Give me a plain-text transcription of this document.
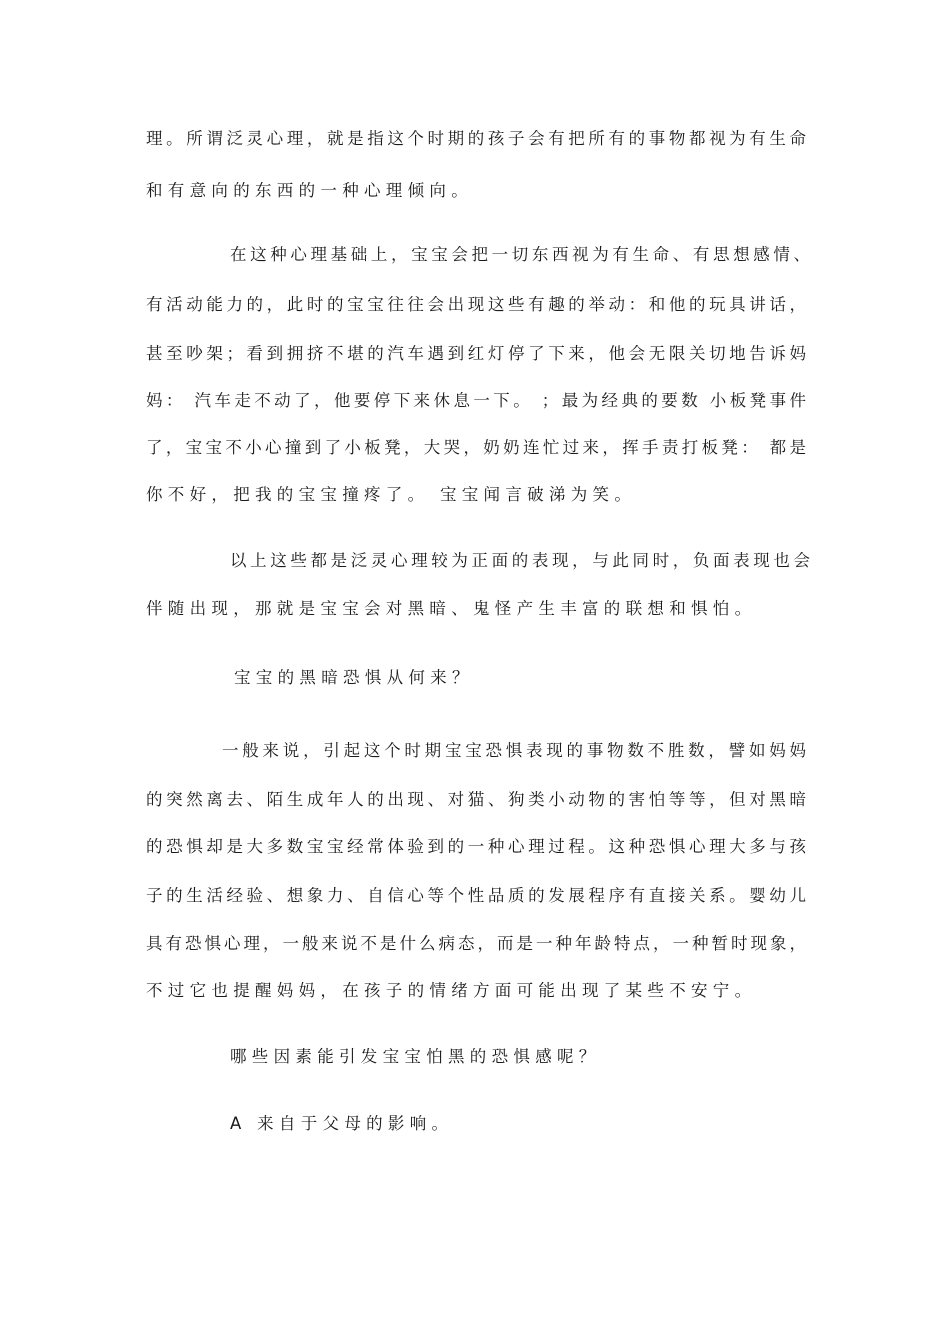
理。所谓泛灵心理，就是指这个时期的孩子会有把所有的事物都视为有生命
和有意向的东西的一种心理倾向。
在这种心理基础上，宝宝会把一切东西视为有生命、有思想感情、
有活动能力的，此时的宝宝往往会出现这些有趣的举动：和他的玩具讲话，
甚至吵架；看到拥挤不堪的汽车遇到红灯停了下来，他会无限关切地告诉妈
妈： 汽车走不动了，他要停下来休息一下。 ；最为经典的要数 小板凳事件
了，宝宝不小心撞到了小板凳，大哭，奶奶连忙过来，挥手责打板凳： 都是
你不好，把我的宝宝撞疼了。 宝宝闻言破涕为笑。
以上这些都是泛灵心理较为正面的表现，与此同时，负面表现也会
伴随出现，那就是宝宝会对黑暗、鬼怪产生丰富的联想和惧怕。
宝宝的黑暗恐惧从何来？
一般来说，引起这个时期宝宝恐惧表现的事物数不胜数，譬如妈妈
的突然离去、陌生成年人的出现、对猫、狗类小动物的害怕等等，但对黑暗
的恐惧却是大多数宝宝经常体验到的一种心理过程。这种恐惧心理大多与孩
子的生活经验、想象力、自信心等个性品质的发展程序有直接关系。婴幼儿
具有恐惧心理，一般来说不是什么病态，而是一种年龄特点，一种暂时现象，
不过它也提醒妈妈，在孩子的情绪方面可能出现了某些不安宁。
哪些因素能引发宝宝怕黑的恐惧感呢？
A 来自于父母的影响。
